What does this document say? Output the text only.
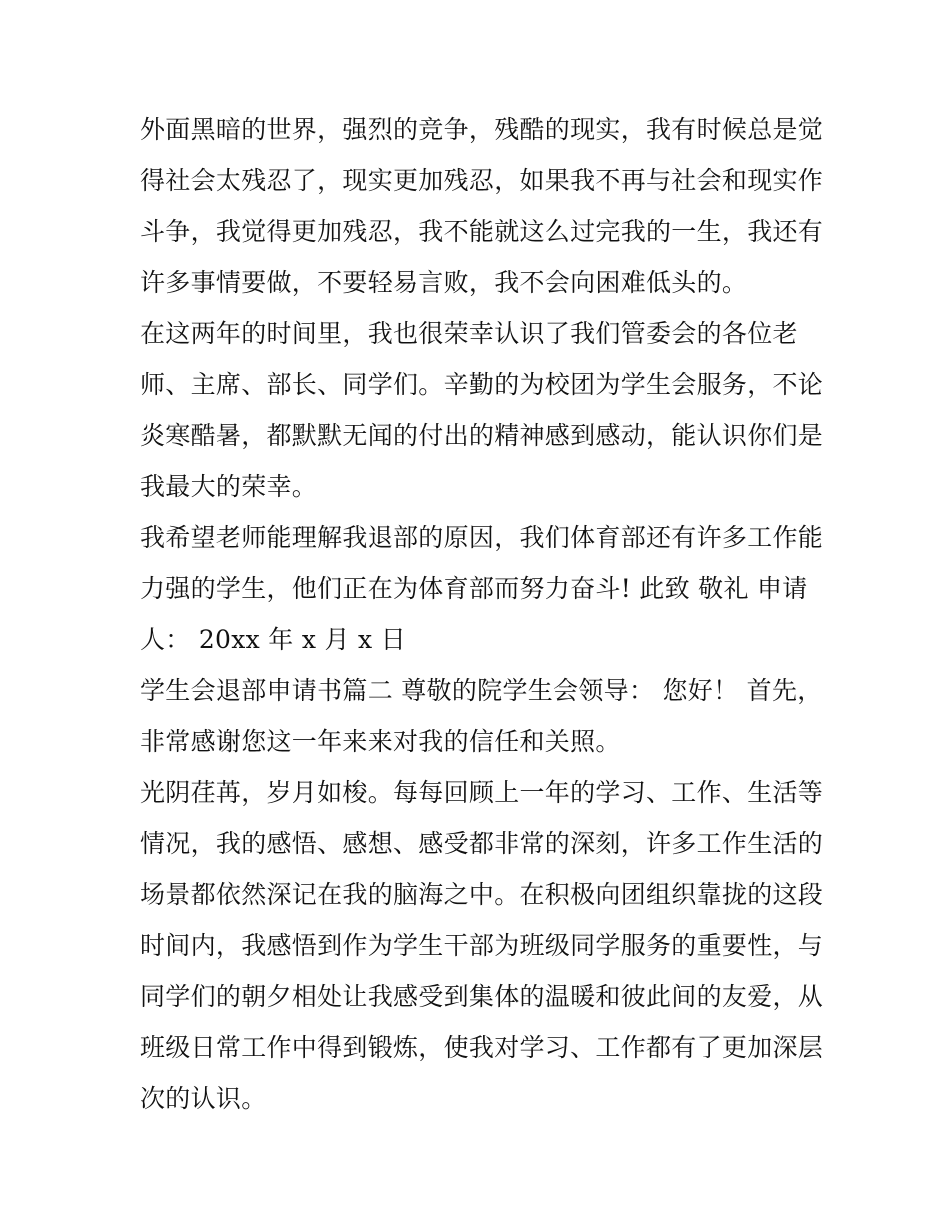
外面黑暗的世界，强烈的竞争，残酷的现实，我有时候总是觉
得社会太残忍了，现实更加残忍，如果我不再与社会和现实作
斗争，我觉得更加残忍，我不能就这么过完我的一生，我还有
许多事情要做，不要轻易言败，我不会向困难低头的。
在这两年的时间里，我也很荣幸认识了我们管委会的各位老
师、主席、部长、同学们。辛勤的为校团为学生会服务，不论
炎寒酷暑，都默默无闻的付出的精神感到感动，能认识你们是
我最大的荣幸。
我希望老师能理解我退部的原因，我们体育部还有许多工作能
力强的学生，他们正在为体育部而努力奋斗! 此致 敬礼 申请
人： 20xx 年 x 月 x 日
学生会退部申请书篇二 尊敬的院学生会领导： 您好！ 首先，
非常感谢您这一年来来对我的信任和关照。
光阴荏苒，岁月如梭。每每回顾上一年的学习、工作、生活等
情况，我的感悟、感想、感受都非常的深刻，许多工作生活的
场景都依然深记在我的脑海之中。在积极向团组织靠拢的这段
时间内，我感悟到作为学生干部为班级同学服务的重要性，与
同学们的朝夕相处让我感受到集体的温暖和彼此间的友爱，从
班级日常工作中得到锻炼，使我对学习、工作都有了更加深层
次的认识。
